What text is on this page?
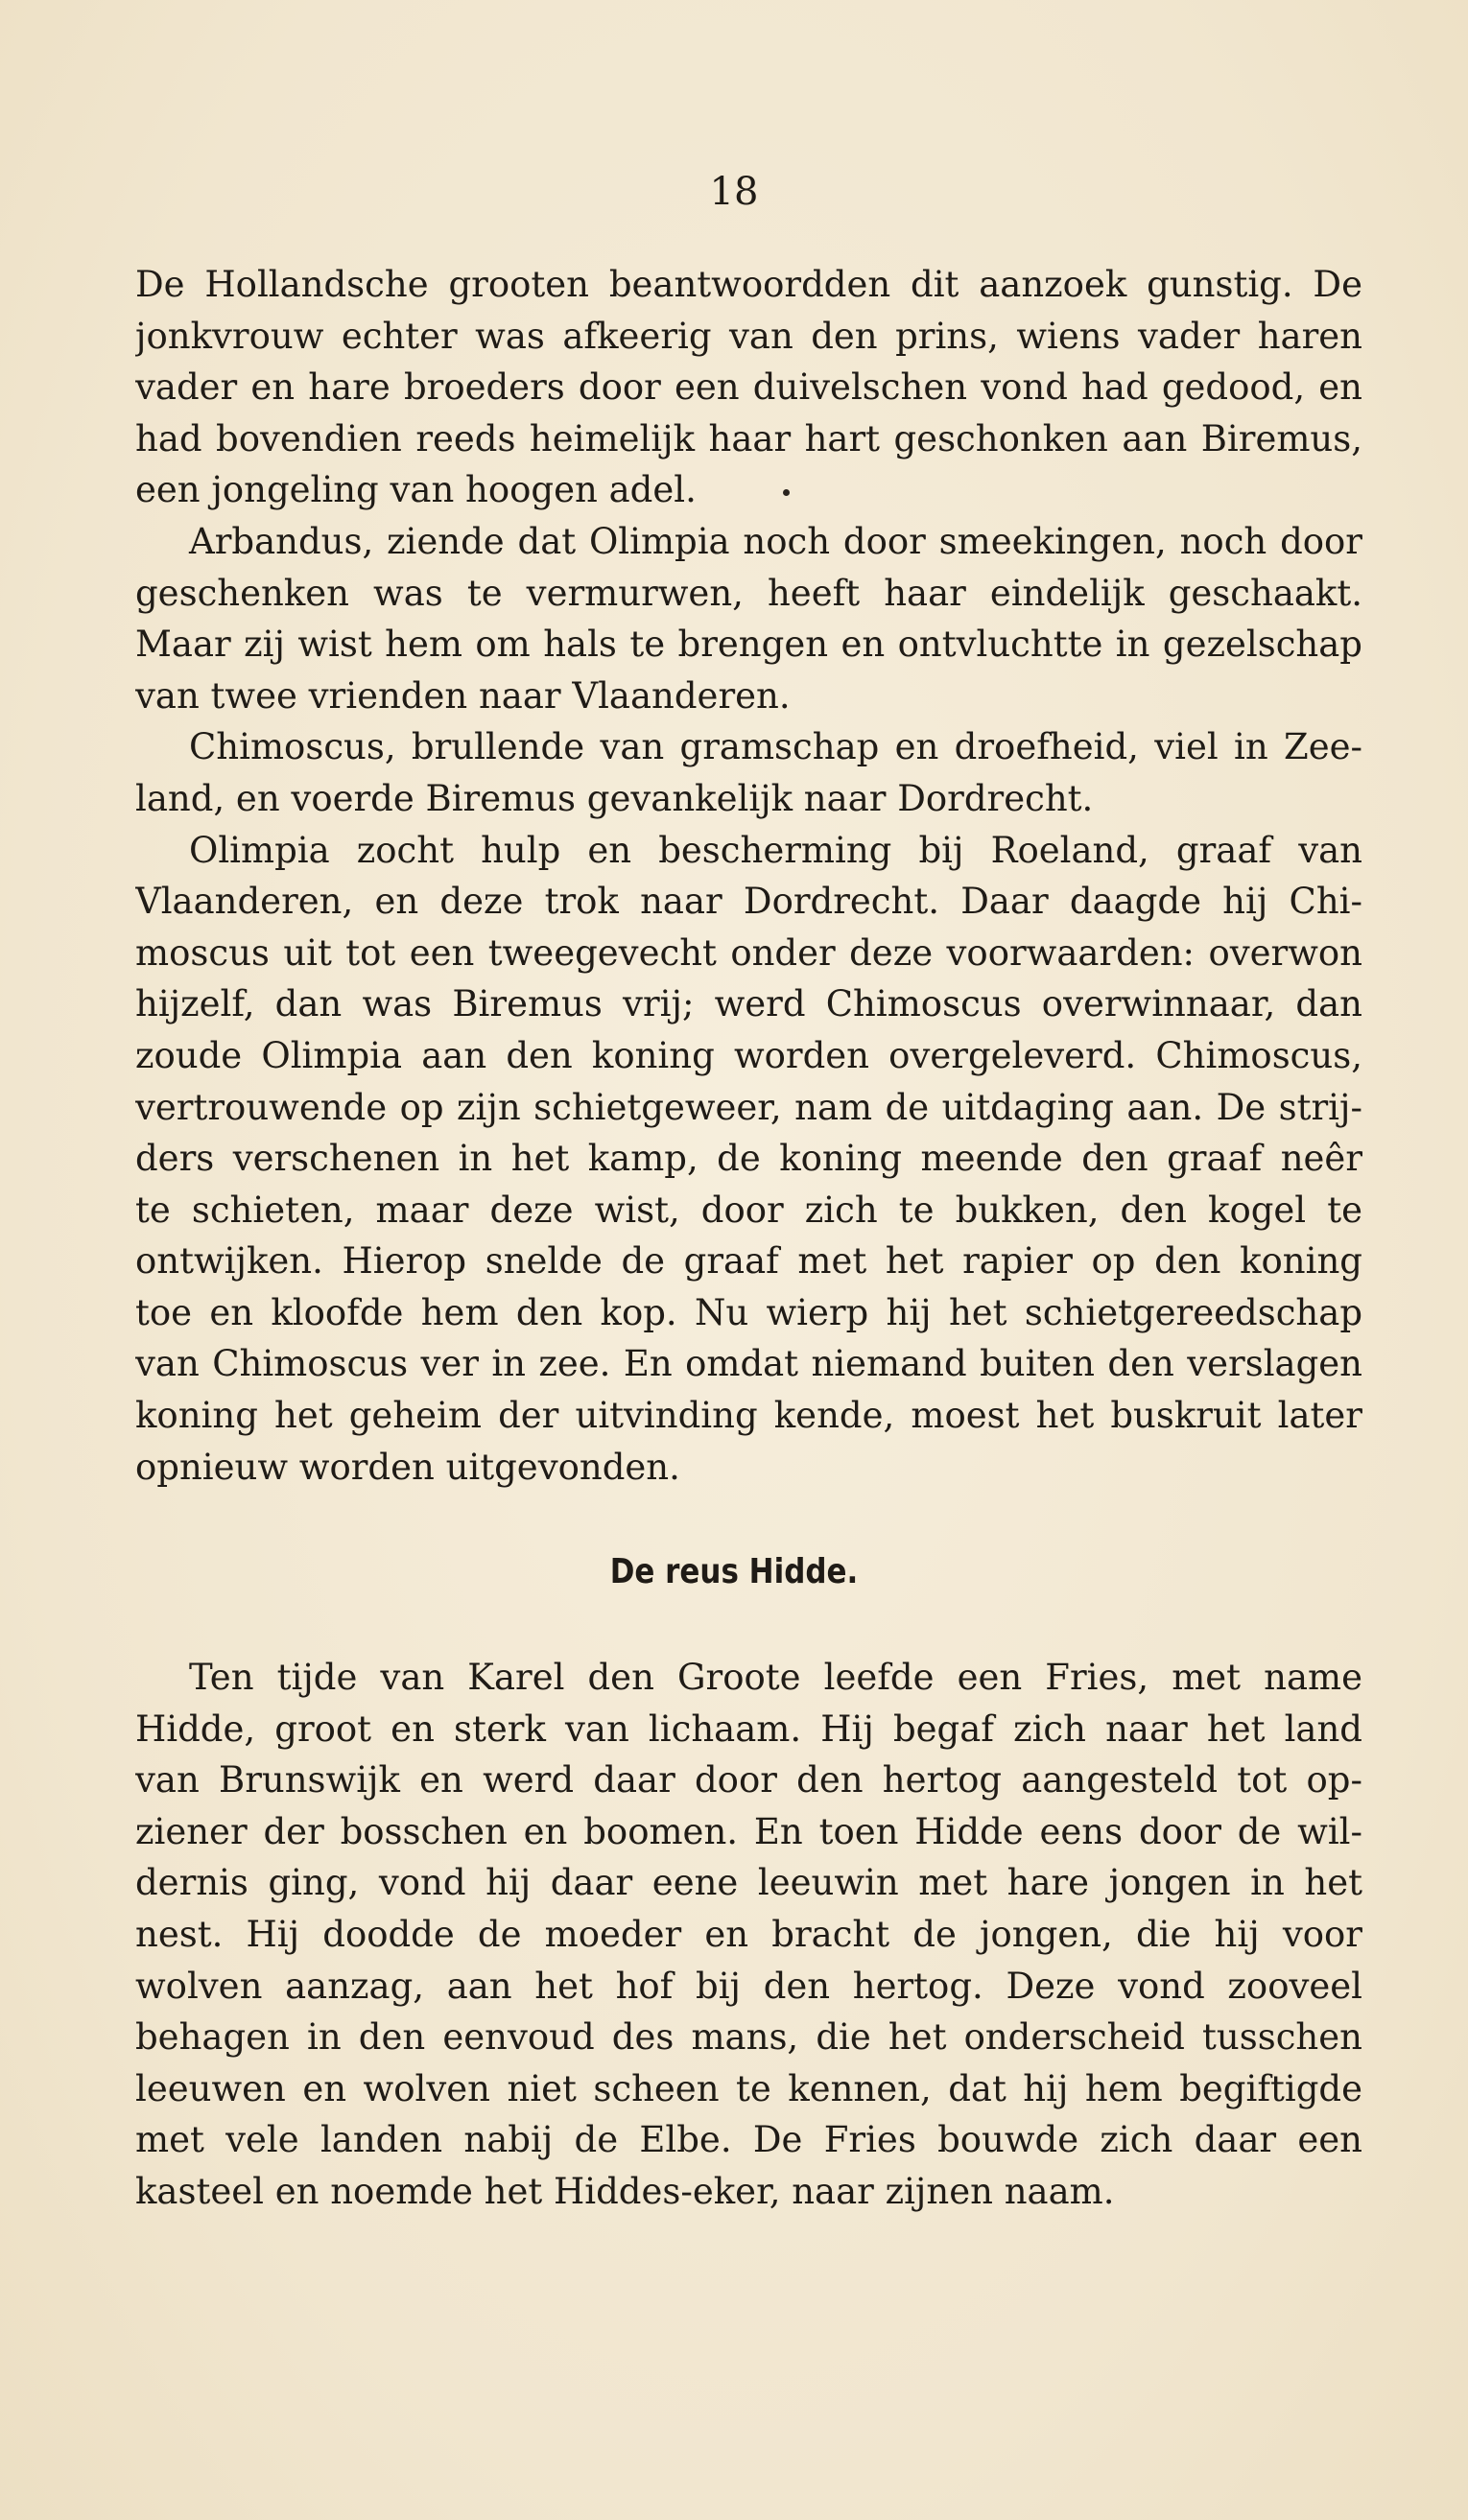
18
De Hollandsche grooten beantwoordden dit aanzoek gunstig. De
jonkvrouw echter was afkeerig van den prins, wiens vader haren
vader en hare broeders door een duivelschen vond had gedood, en
had bovendien reeds heimelijk haar hart geschonken aan Biremus,
een jongeling van hoogen adel.
Arbandus, ziende dat Olimpia noch door smeekingen, noch door
geschenken was te vermurwen, heeft haar eindelijk geschaakt.
Maar zij wist hem om hals te brengen en ontvluchtte in gezelschap
van twee vrienden naar Vlaanderen.
Chimoscus, brullende van gramschap en droefheid, viel in Zee-
land, en voerde Biremus gevankelijk naar Dordrecht.
Olimpia zocht hulp en bescherming bij Roeland, graaf van
Vlaanderen, en deze trok naar Dordrecht. Daar daagde hij Chi-
moscus uit tot een tweegevecht onder deze voorwaarden: overwon
hijzelf, dan was Biremus vrij; werd Chimoscus overwinnaar, dan
zoude Olimpia aan den koning worden overgeleverd. Chimoscus,
vertrouwende op zijn schietgeweer, nam de uitdaging aan. De strij-
ders verschenen in het kamp, de koning meende den graaf neêr
te schieten, maar deze wist, door zich te bukken, den kogel te
ontwijken. Hierop snelde de graaf met het rapier op den koning
toe en kloofde hem den kop. Nu wierp hij het schietgereedschap
van Chimoscus ver in zee. En omdat niemand buiten den verslagen
koning het geheim der uitvinding kende, moest het buskruit later
opnieuw worden uitgevonden.
De reus Hidde.
Ten tijde van Karel den Groote leefde een Fries, met name
Hidde, groot en sterk van lichaam. Hij begaf zich naar het land
van Brunswijk en werd daar door den hertog aangesteld tot op-
ziener der bosschen en boomen. En toen Hidde eens door de wil-
dernis ging, vond hij daar eene leeuwin met hare jongen in het
nest. Hij doodde de moeder en bracht de jongen, die hij voor
wolven aanzag, aan het hof bij den hertog. Deze vond zooveel
behagen in den eenvoud des mans, die het onderscheid tusschen
leeuwen en wolven niet scheen te kennen, dat hij hem begiftigde
met vele landen nabij de Elbe. De Fries bouwde zich daar een
kasteel en noemde het Hiddes-eker, naar zijnen naam.
